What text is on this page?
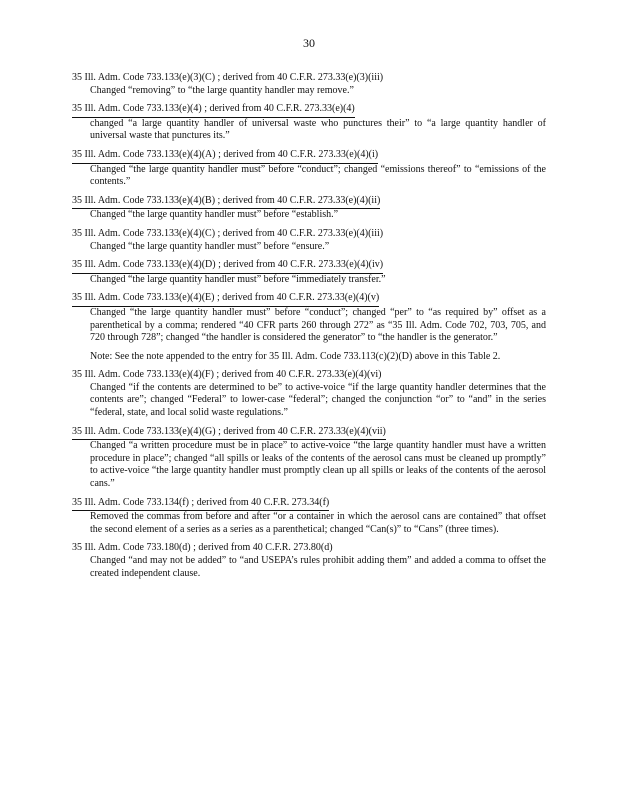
30
35 Ill. Adm. Code 733.133(e)(3)(C) ; derived from 40 C.F.R. 273.33(e)(3)(iii)
Changed “removing” to “the large quantity handler may remove.”
35 Ill. Adm. Code 733.133(e)(4) ; derived from 40 C.F.R. 273.33(e)(4)
changed “a large quantity handler of universal waste who punctures their” to “a large quantity handler of universal waste that punctures its.”
35 Ill. Adm. Code 733.133(e)(4)(A) ; derived from 40 C.F.R. 273.33(e)(4)(i)
Changed “the large quantity handler must” before “conduct”; changed “emissions thereof” to “emissions of the contents.”
35 Ill. Adm. Code 733.133(e)(4)(B) ; derived from 40 C.F.R. 273.33(e)(4)(ii)
Changed “the large quantity handler must” before “establish.”
35 Ill. Adm. Code 733.133(e)(4)(C) ; derived from 40 C.F.R. 273.33(e)(4)(iii)
Changed “the large quantity handler must” before “ensure.”
35 Ill. Adm. Code 733.133(e)(4)(D) ; derived from 40 C.F.R. 273.33(e)(4)(iv)
Changed “the large quantity handler must” before “immediately transfer.”
35 Ill. Adm. Code 733.133(e)(4)(E) ; derived from 40 C.F.R. 273.33(e)(4)(v)
Changed “the large quantity handler must” before “conduct”; changed “per” to “as required by” offset as a parenthetical by a comma; rendered “40 CFR parts 260 through 272” as “35 Ill. Adm. Code 702, 703, 705, and 720 through 728”; changed “the handler is considered the generator” to “the handler is the generator.”
Note: See the note appended to the entry for 35 Ill. Adm. Code 733.113(c)(2)(D) above in this Table 2.
35 Ill. Adm. Code 733.133(e)(4)(F) ; derived from 40 C.F.R. 273.33(e)(4)(vi)
Changed “if the contents are determined to be” to active-voice “if the large quantity handler determines that the contents are”; changed “Federal” to lower-case “federal”; changed the conjunction “or” to “and” in the series “federal, state, and local solid waste regulations.”
35 Ill. Adm. Code 733.133(e)(4)(G) ; derived from 40 C.F.R. 273.33(e)(4)(vii)
Changed “a written procedure must be in place” to active-voice “the large quantity handler must have a written procedure in place”; changed “all spills or leaks of the contents of the aerosol cans must be cleaned up promptly” to active-voice “the large quantity handler must promptly clean up all spills or leaks of the contents of the aerosol cans.”
35 Ill. Adm. Code 733.134(f) ; derived from 40 C.F.R. 273.34(f)
Removed the commas from before and after “or a container in which the aerosol cans are contained” that offset the second element of a series as a series as a parenthetical; changed “Can(s)” to “Cans” (three times).
35 Ill. Adm. Code 733.180(d) ; derived from 40 C.F.R. 273.80(d)
Changed “and may not be added” to “and USEPA’s rules prohibit adding them” and added a comma to offset the created independent clause.
